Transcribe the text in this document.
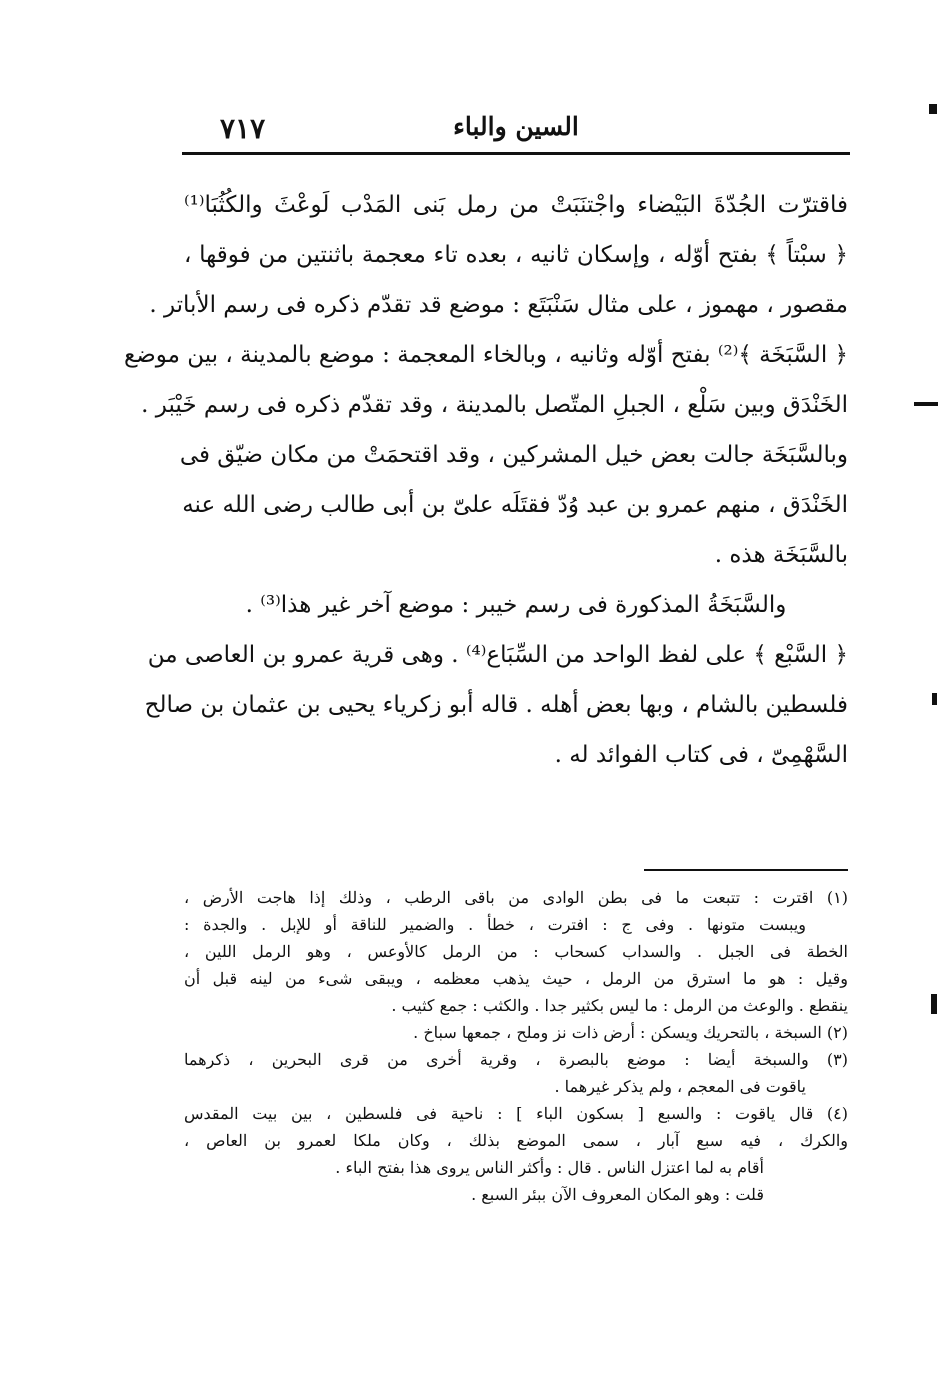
٧١٧	السين والباء
فاقترّت الجُدّةَ البَيْضاء واجْتنَبَتْ من رمل بَنى المَدْب لَوعْثَ والكُثُبَا⁽¹⁾
﴿ سبْتاً ﴾ بفتح أوّله ، وإسكان ثانيه ، بعده تاء معجمة باثنتين من فوقها ،
مقصور ، مهموز ، على مثال سَنْبَتَع : موضع قد تقدّم ذكره فى رسم الأباتر .
﴿ السَّبَخَة ﴾⁽²⁾ بفتح أوّله وثانيه ، وبالخاء المعجمة : موضع بالمدينة ، بين موضع
الخَنْدَق وبين سَلْع ، الجبلِ المتّصل بالمدينة ، وقد تقدّم ذكره فى رسم خَيْبَر .
وبالسَّبَخَة جالت بعض خيل المشركين ، وقد اقتحمَتْ من مكان ضيّق فى
الخَنْدَق ، منهم عمرو بن عبد وُدّ فقتَلَه علىّ بن أبى طالب رضى الله عنه
بالسَّبَخَة هذه .
والسَّبَخَةُ المذكورة فى رسم خيبر : موضع آخر غير هذا⁽³⁾ .
﴿ السَّبْع ﴾ على لفظ الواحد من السِّبَاع⁽⁴⁾ . وهى قرية عمرو بن العاصى من
فلسطين بالشام ، وبها بعض أهله . قاله أبو زكرياء يحيى بن عثمان بن صالح
السَّهْمِىّ ، فى كتاب الفوائد له .
(١) اقترت : تتبعت ما فى بطن الوادى من باقى الرطب ، وذلك إذا هاجت الأرض ،
ويبست متونها . وفى ج : افترت ، خطأ . والضمير للناقة أو للإبل . والجدة :
الخطة فى الجبل . والسداب كسحاب : من الرمل كالأوعس ، وهو الرمل اللين ،
وقيل : هو ما استرق من الرمل ، حيث يذهب معظمه ، ويبقى شىء من لينه قبل أن
ينقطع . والوعث من الرمل : ما ليس بكثير جدا . والكثب : جمع كثيب .
(٢) السبخة ، بالتحريك ويسكن : أرض ذات نز وملح ، جمعها سباخ .
(٣) والسبخة أيضا : موضع بالبصرة ، وقرية أخرى من قرى البحرين ، ذكرهما
ياقوت فى المعجم ، ولم يذكر غيرهما .
(٤) قال ياقوت : والسبع [ بسكون الباء ] : ناحية فى فلسطين ، بين بيت المقدس
والكرك ، فيه سبع آبار ، سمى الموضع بذلك ، وكان ملكا لعمرو بن العاص ،
أقام به لما اعتزل الناس . قال : وأكثر الناس يروى هذا بفتح الباء .
قلت : وهو المكان المعروف الآن ببئر السبع .
